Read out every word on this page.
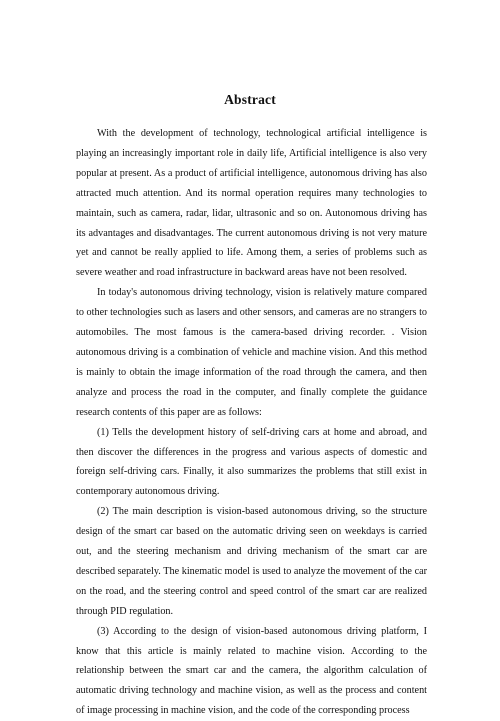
Abstract

With the development of technology, technological artificial intelligence is playing an increasingly important role in daily life, Artificial intelligence is also very popular at present. As a product of artificial intelligence, autonomous driving has also attracted much attention. And its normal operation requires many technologies to maintain, such as camera, radar, lidar, ultrasonic and so on. Autonomous driving has its advantages and disadvantages. The current autonomous driving is not very mature yet and cannot be really applied to life. Among them, a series of problems such as severe weather and road infrastructure in backward areas have not been resolved.

In today's autonomous driving technology, vision is relatively mature compared to other technologies such as lasers and other sensors, and cameras are no strangers to automobiles. The most famous is the camera-based driving recorder. . Vision autonomous driving is a combination of vehicle and machine vision. And this method is mainly to obtain the image information of the road through the camera, and then analyze and process the road in the computer, and finally complete the guidance research contents of this paper are as follows:

(1) Tells the development history of self-driving cars at home and abroad, and then discover the differences in the progress and various aspects of domestic and foreign self-driving cars. Finally, it also summarizes the problems that still exist in contemporary autonomous driving.

(2) The main description is vision-based autonomous driving, so the structure design of the smart car based on the automatic driving seen on weekdays is carried out, and the steering mechanism and driving mechanism of the smart car are described separately. The kinematic model is used to analyze the movement of the car on the road, and the steering control and speed control of the smart car are realized through PID regulation.

(3) According to the design of vision-based autonomous driving platform, I know that this article is mainly related to machine vision. According to the relationship between the smart car and the camera, the algorithm calculation of automatic driving technology and machine vision, as well as the process and content of image processing in machine vision, and the code of the corresponding process
